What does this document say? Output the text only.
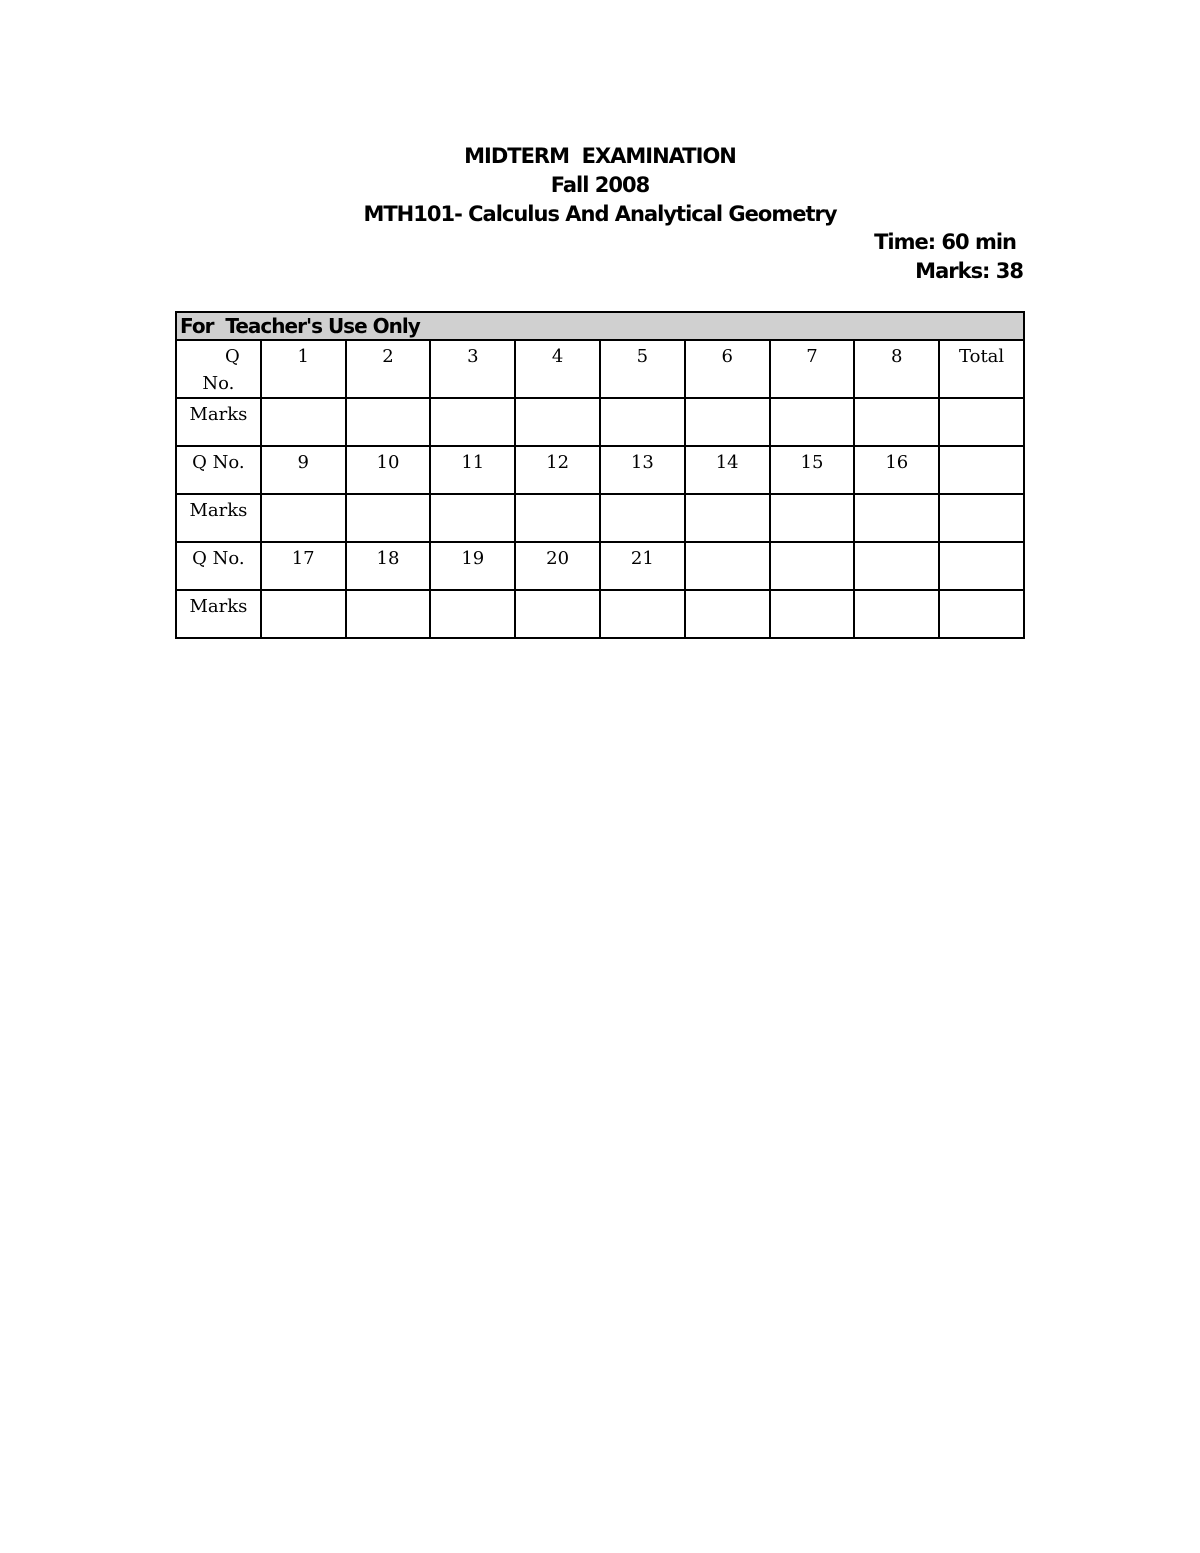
MIDTERM  EXAMINATION
Fall 2008
MTH101- Calculus And Analytical Geometry
Time: 60 min
Marks: 38
For  Teacher's Use Only									

Q
No.	1	2	3	4	5	6	7	8	Total
Marks									
Q No.	9	10	11	12	13	14	15	16	
Marks									
Q No.	17	18	19	20	21				
Marks									
